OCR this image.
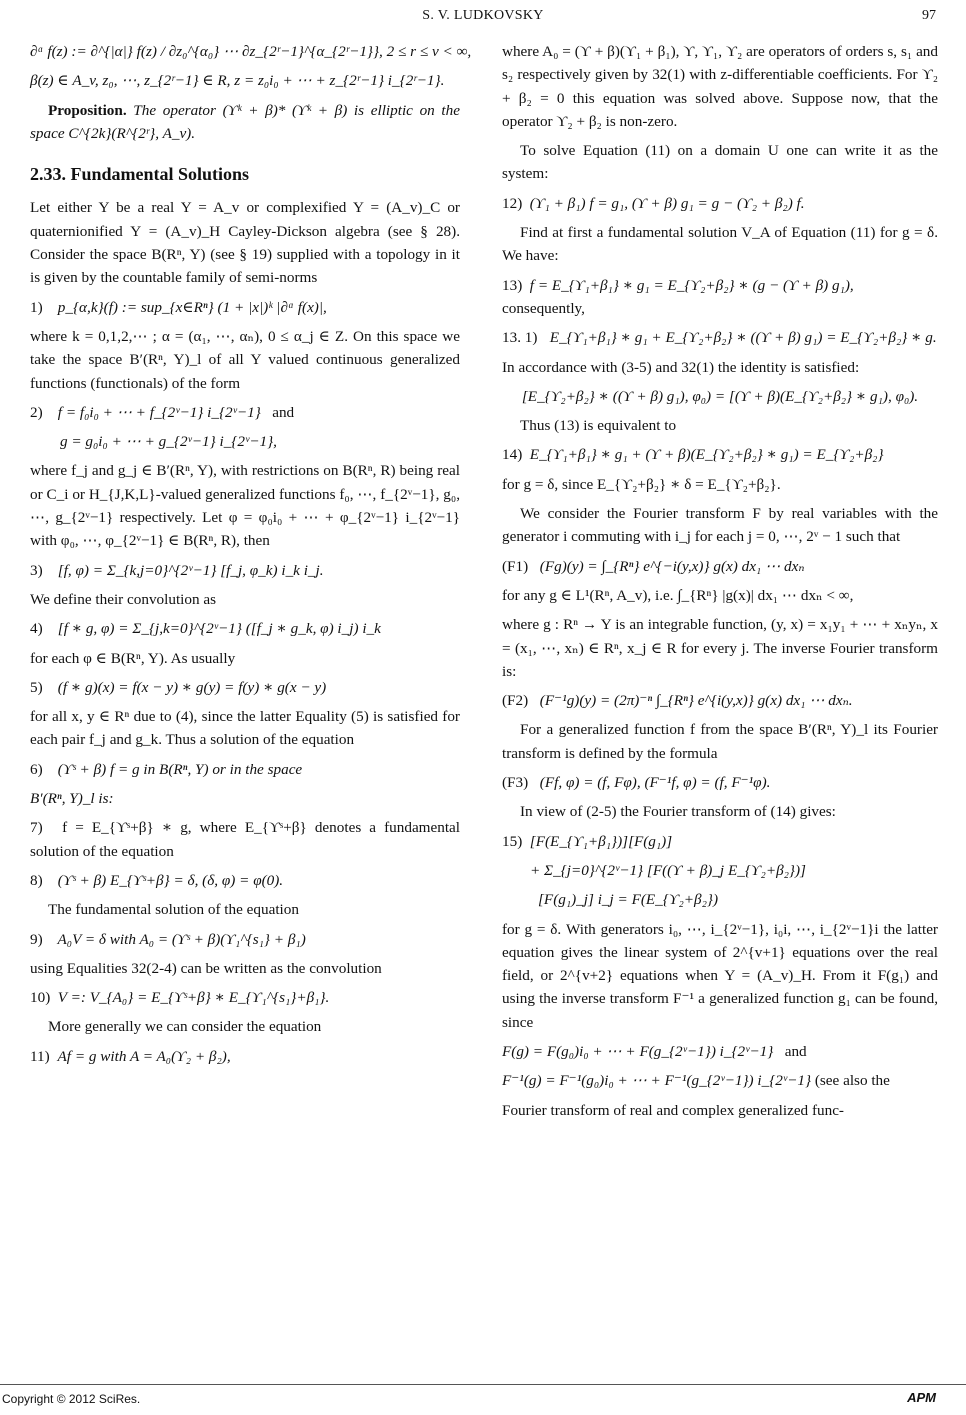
S. V. LUDKOVSKY	97
∂ᵅ f(z) := ∂^{|α|} f(z) / ∂z₀^{α₀} ⋯ ∂z_{2ʳ−1}^{α_{2ʳ−1}}, 2 ≤ r ≤ v < ∞,
β(z) ∈ A_v, z₀, ⋯, z_{2ʳ−1} ∈ R, z = z₀i₀ + ⋯ + z_{2ʳ−1} i_{2ʳ−1}.

Proposition. The operator (ϒᵏ + β)* (ϒᵏ + β) is elliptic on the space C^{2k}(R^{2ʳ}, A_v).

2.33. Fundamental Solutions

Let either Y be a real Y = A_v or complexified Y = (A_v)_C or quaternionified Y = (A_v)_H Cayley-Dickson algebra (see § 28). Consider the space B(Rⁿ, Y) (see § 19) supplied with a topology in it is given by the countable family of semi-norms

1) p_{α,k}(f) := sup_{x∈Rⁿ} (1 + |x|)ᵏ |∂ᵅ f(x)|,

where k = 0,1,2,⋯ ; α = (α₁, ⋯, αₙ), 0 ≤ α_j ∈ Z. On this space we take the space B′(Rⁿ, Y)_l of all Y valued continuous generalized functions (functionals) of the form

2) f = f₀i₀ + ⋯ + f_{2ᵛ−1} i_{2ᵛ−1} and
g = g₀i₀ + ⋯ + g_{2ᵛ−1} i_{2ᵛ−1},

where f_j and g_j ∈ B′(Rⁿ, Y), with restrictions on B(Rⁿ, R) being real or C_i or H_{J,K,L}-valued generalized functions f₀, ⋯, f_{2ᵛ−1}, g₀, ⋯, g_{2ᵛ−1} respectively. Let φ = φ₀i₀ + ⋯ + φ_{2ᵛ−1} i_{2ᵛ−1} with φ₀, ⋯, φ_{2ᵛ−1} ∈ B(Rⁿ, R), then

3) [f, φ) = Σ_{k,j=0}^{2ᵛ−1} [f_j, φ_k) i_k i_j.

We define their convolution as

4) [f ∗ g, φ) = Σ_{j,k=0}^{2ᵛ−1} ([f_j ∗ g_k, φ) i_j) i_k

for each φ ∈ B(Rⁿ, Y). As usually

5) (f ∗ g)(x) = f(x − y) ∗ g(y) = f(y) ∗ g(x − y)

for all x, y ∈ Rⁿ due to (4), since the latter Equality (5) is satisfied for each pair f_j and g_k. Thus a solution of the equation

6) (ϒˢ + β) f = g in B(Rⁿ, Y) or in the space
B′(Rⁿ, Y)_l is:

7) f = E_{ϒˢ+β} ∗ g, where E_{ϒˢ+β} denotes a fundamental solution of the equation

8) (ϒˢ + β) E_{ϒˢ+β} = δ, (δ, φ) = φ(0).

The fundamental solution of the equation

9) A₀V = δ with A₀ = (ϒˢ + β)(ϒ₁^{s₁} + β₁)

using Equalities 32(2-4) can be written as the convolution

10) V =: V_{A₀} = E_{ϒˢ+β} ∗ E_{ϒ₁^{s₁}+β₁}.

More generally we can consider the equation

11) Af = g with A = A₀(ϒ₂ + β₂),

where A₀ = (ϒ + β)(ϒ₁ + β₁), ϒ, ϒ₁, ϒ₂ are operators of orders s, s₁ and s₂ respectively given by 32(1) with z-differentiable coefficients. For ϒ₂ + β₂ = 0 this equation was solved above. Suppose now, that the operator ϒ₂ + β₂ is non-zero.

To solve Equation (11) on a domain U one can write it as the system:

12) (ϒ₁ + β₁) f = g₁, (ϒ + β) g₁ = g − (ϒ₂ + β₂) f.

Find at first a fundamental solution V_A of Equation (11) for g = δ. We have:

13) f = E_{ϒ₁+β₁} ∗ g₁ = E_{ϒ₂+β₂} ∗ (g − (ϒ + β) g₁),

consequently,

13. 1) E_{ϒ₁+β₁} ∗ g₁ + E_{ϒ₂+β₂} ∗ ((ϒ + β) g₁) = E_{ϒ₂+β₂} ∗ g.

In accordance with (3-5) and 32(1) the identity is satisfied:

[E_{ϒ₂+β₂} ∗ ((ϒ + β) g₁), φ₀) = [(ϒ + β)(E_{ϒ₂+β₂} ∗ g₁), φ₀).

Thus (13) is equivalent to

14) E_{ϒ₁+β₁} ∗ g₁ + (ϒ + β)(E_{ϒ₂+β₂} ∗ g₁) = E_{ϒ₂+β₂}

for g = δ, since E_{ϒ₂+β₂} ∗ δ = E_{ϒ₂+β₂}.

We consider the Fourier transform F by real variables with the generator i commuting with i_j for each j = 0, ⋯, 2ᵛ − 1 such that

(F1) (Fg)(y) = ∫_{Rⁿ} e^{−i(y,x)} g(x) dx₁ ⋯ dxₙ

for any g ∈ L¹(Rⁿ, A_v), i.e. ∫_{Rⁿ} |g(x)| dx₁ ⋯ dxₙ < ∞,

where g : Rⁿ → Y is an integrable function, (y, x) = x₁y₁ + ⋯ + xₙyₙ, x = (x₁, ⋯, xₙ) ∈ Rⁿ, x_j ∈ R for every j. The inverse Fourier transform is:

(F2) (F⁻¹g)(y) = (2π)⁻ⁿ ∫_{Rⁿ} e^{i(y,x)} g(x) dx₁ ⋯ dxₙ.

For a generalized function f from the space B′(Rⁿ, Y)_l its Fourier transform is defined by the formula

(F3) (Ff, φ) = (f, Fφ), (F⁻¹f, φ) = (f, F⁻¹φ).

In view of (2-5) the Fourier transform of (14) gives:

15) [F(E_{ϒ₁+β₁})][F(g₁)]
+ Σ_{j=0}^{2ᵛ−1} [F((ϒ + β)_j E_{ϒ₂+β₂})]
[F(g₁)_j] i_j = F(E_{ϒ₂+β₂})

for g = δ. With generators i₀, ⋯, i_{2ᵛ−1}, i₀i, ⋯, i_{2ᵛ−1}i the latter equation gives the linear system of 2^{v+1} equations over the real field, or 2^{v+2} equations when Y = (A_v)_H. From it F(g₁) and using the inverse transform F⁻¹ a generalized function g₁ can be found, since

F(g) = F(g₀)i₀ + ⋯ + F(g_{2ᵛ−1}) i_{2ᵛ−1} and
F⁻¹(g) = F⁻¹(g₀)i₀ + ⋯ + F⁻¹(g_{2ᵛ−1}) i_{2ᵛ−1} (see also the

Fourier transform of real and complex generalized func-

Copyright © 2012 SciRes.	APM
